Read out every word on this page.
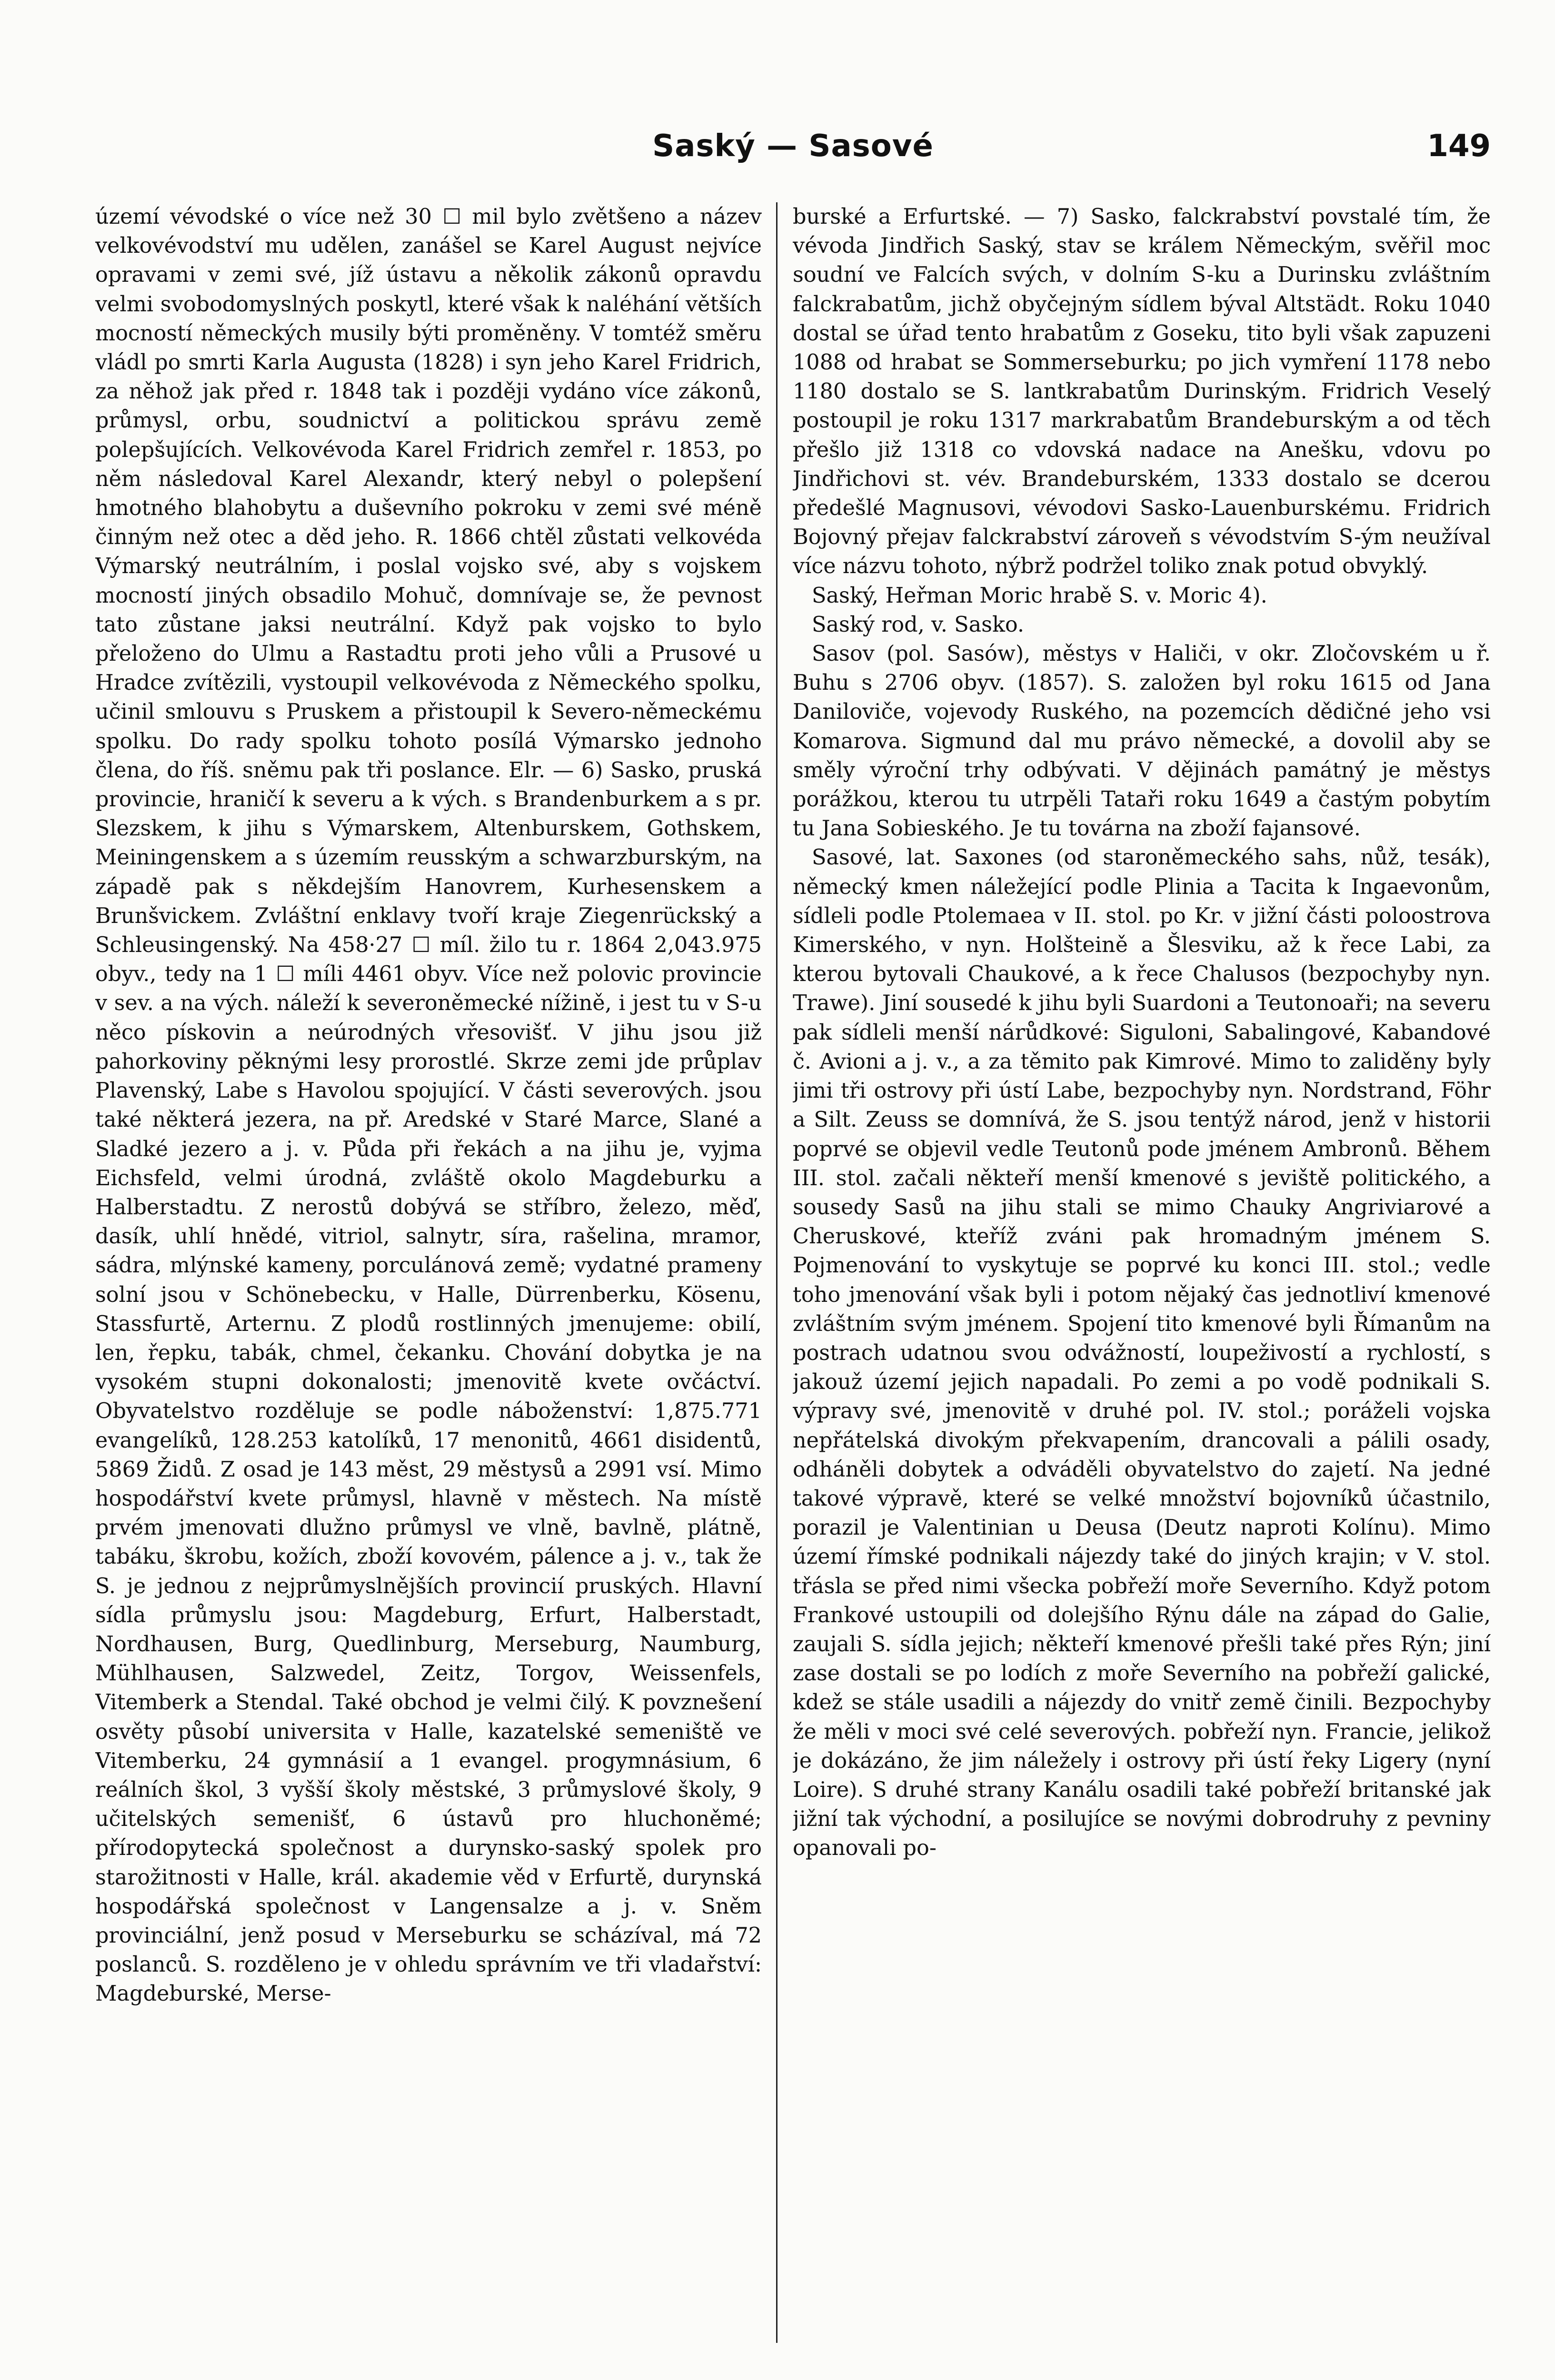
Saský — Sasové	149

území vévodské o více než 30 ☐ mil bylo zvětšeno a název velkovévodství mu udělen, zanášel se Karel August nejvíce opravami v zemi své, jíž ústavu a několik zákonů opravdu velmi svobodomyslných poskytl, které však k naléhání větších mocností německých musily býti proměněny. V tomtéž směru vládl po smrti Karla Augusta (1828) i syn jeho Karel Fridrich, za něhož jak před r. 1848 tak i později vydáno více zákonů, průmysl, orbu, soudnictví a politickou správu země polepšujících. Velkovévoda Karel Fridrich zemřel r. 1853, po něm následoval Karel Alexandr, který nebyl o polepšení hmotného blahobytu a duševního pokroku v zemi své méně činným než otec a děd jeho. R. 1866 chtěl zůstati velkovéda Výmarský neutrálním, i poslal vojsko své, aby s vojskem mocností jiných obsadilo Mohuč, domnívaje se, že pevnost tato zůstane jaksi neutrální. Když pak vojsko to bylo přeloženo do Ulmu a Rastadtu proti jeho vůli a Prusové u Hradce zvítězili, vystoupil velkovévoda z Německého spolku, učinil smlouvu s Pruskem a přistoupil k Severo-německému spolku. Do rady spolku tohoto posílá Výmarsko jednoho člena, do říš. sněmu pak tři poslance. Elr. — 6) Sasko, pruská provincie, hraničí k severu a k vých. s Brandenburkem a s pr. Slezskem, k jihu s Výmarskem, Altenburskem, Gothskem, Meiningenskem a s územím reusským a schwarzburským, na západě pak s někdejším Hanovrem, Kurhesenskem a Brunšvickem. Zvláštní enklavy tvoří kraje Ziegenrückský a Schleusingenský. Na 458·27 ☐ míl. žilo tu r. 1864 2,043.975 obyv., tedy na 1 ☐ míli 4461 obyv. Více než polovic provincie v sev. a na vých. náleží k severoněmecké nížině, i jest tu v S-u něco pískovin a neúrodných vřesovišť. V jihu jsou již pahorkoviny pěknými lesy prorostlé. Skrze zemi jde průplav Plavenský, Labe s Havolou spojující. V části severových. jsou také některá jezera, na př. Aredské v Staré Marce, Slané a Sladké jezero a j. v. Půda při řekách a na jihu je, vyjma Eichsfeld, velmi úrodná, zvláště okolo Magdeburku a Halberstadtu. Z nerostů dobývá se stříbro, železo, měď, dasík, uhlí hnědé, vitriol, salnytr, síra, rašelina, mramor, sádra, mlýnské kameny, porculánová země; vydatné prameny solní jsou v Schönebecku, v Halle, Dürrenberku, Kösenu, Stassfurtě, Arternu. Z plodů rostlinných jmenujeme: obilí, len, řepku, tabák, chmel, čekanku. Chování dobytka je na vysokém stupni dokonalosti; jmenovitě kvete ovčáctví. Obyvatelstvo rozděluje se podle náboženství: 1,875.771 evangelíků, 128.253 katolíků, 17 menonitů, 4661 disidentů, 5869 Židů. Z osad je 143 měst, 29 městysů a 2991 vsí. Mimo hospodářství kvete průmysl, hlavně v městech. Na místě prvém jmenovati dlužno průmysl ve vlně, bavlně, plátně, tabáku, škrobu, kožích, zboží kovovém, pálence a j. v., tak že S. je jednou z nejprůmyslnějších provincií pruských. Hlavní sídla průmyslu jsou: Magdeburg, Erfurt, Halberstadt, Nordhausen, Burg, Quedlinburg, Merseburg, Naumburg, Mühlhausen, Salzwedel, Zeitz, Torgov, Weissenfels, Vitemberk a Stendal. Také obchod je velmi čilý. K povznešení osvěty působí universita v Halle, kazatelské semeniště ve Vitemberku, 24 gymnásií a 1 evangel. progymnásium, 6 reálních škol, 3 vyšší školy městské, 3 průmyslové školy, 9 učitelských semenišť, 6 ústavů pro hluchoněmé; přírodopytecká společnost a durynsko-saský spolek pro starožitnosti v Halle, král. akademie věd v Erfurtě, durynská hospodářská společnost v Langensalze a j. v. Sněm provinciální, jenž posud v Merseburku se scházíval, má 72 poslanců. S. rozděleno je v ohledu správním ve tři vladařství: Magdeburské, Merse-

burské a Erfurtské. — 7) Sasko, falckrabství povstalé tím, že vévoda Jindřich Saský, stav se králem Německým, svěřil moc soudní ve Falcích svých, v dolním S-ku a Durinsku zvláštním falckrabatům, jichž obyčejným sídlem býval Altstädt. Roku 1040 dostal se úřad tento hrabatům z Goseku, tito byli však zapuzeni 1088 od hrabat se Sommerseburku; po jich vymření 1178 nebo 1180 dostalo se S. lantkrabatům Durinským. Fridrich Veselý postoupil je roku 1317 markrabatům Brandeburským a od těch přešlo již 1318 co vdovská nadace na Anešku, vdovu po Jindřichovi st. vév. Brandeburském, 1333 dostalo se dcerou předešlé Magnusovi, vévodovi Sasko-Lauenburskému. Fridrich Bojovný přejav falckrabství zároveň s vévodstvím S-ým neužíval více názvu tohoto, nýbrž podržel toliko znak potud obvyklý.

Saský, Heřman Moric hrabě S. v. Moric 4).

Saský rod, v. Sasko.

Sasov (pol. Sasów), městys v Haliči, v okr. Zločovském u ř. Buhu s 2706 obyv. (1857). S. založen byl roku 1615 od Jana Daniloviče, vojevody Ruského, na pozemcích dědičné jeho vsi Komarova. Sigmund dal mu právo německé, a dovolil aby se směly výroční trhy odbývati. V dějinách památný je městys porážkou, kterou tu utrpěli Tataři roku 1649 a častým pobytím tu Jana Sobieského. Je tu továrna na zboží fajansové.

Sasové, lat. Saxones (od staroněmeckého sahs, nůž, tesák), německý kmen náležející podle Plinia a Tacita k Ingaevonům, sídleli podle Ptolemaea v II. stol. po Kr. v jižní části poloostrova Kimerského, v nyn. Holšteině a Šlesviku, až k řece Labi, za kterou bytovali Chaukové, a k řece Chalusos (bezpochyby nyn. Trawe). Jiní sousedé k jihu byli Suardoni a Teutonoaři; na severu pak sídleli menší nárůdkové: Siguloni, Sabalingové, Kabandové č. Avioni a j. v., a za těmito pak Kimrové. Mimo to zaliděny byly jimi tři ostrovy při ústí Labe, bezpochyby nyn. Nordstrand, Föhr a Silt. Zeuss se domnívá, že S. jsou tentýž národ, jenž v historii poprvé se objevil vedle Teutonů pode jménem Ambronů. Během III. stol. začali někteří menší kmenové s jeviště politického, a sousedy Sasů na jihu stali se mimo Chauky Angriviarové a Cheruskové, kteříž zváni pak hromadným jménem S. Pojmenování to vyskytuje se poprvé ku konci III. stol.; vedle toho jmenování však byli i potom nějaký čas jednotliví kmenové zvláštním svým jménem. Spojení tito kmenové byli Římanům na postrach udatnou svou odvážností, loupeživostí a rychlostí, s jakouž území jejich napadali. Po zemi a po vodě podnikali S. výpravy své, jmenovitě v druhé pol. IV. stol.; poráželi vojska nepřátelská divokým překvapením, drancovali a pálili osady, odháněli dobytek a odváděli obyvatelstvo do zajetí. Na jedné takové výpravě, které se velké množství bojovníků účastnilo, porazil je Valentinian u Deusa (Deutz naproti Kolínu). Mimo území římské podnikali nájezdy také do jiných krajin; v V. stol. třásla se před nimi všecka pobřeží moře Severního. Když potom Frankové ustoupili od dolejšího Rýnu dále na západ do Galie, zaujali S. sídla jejich; někteří kmenové přešli také přes Rýn; jiní zase dostali se po lodích z moře Severního na pobřeží galické, kdež se stále usadili a nájezdy do vnitř země činili. Bezpochyby že měli v moci své celé severových. pobřeží nyn. Francie, jelikož je dokázáno, že jim náležely i ostrovy při ústí řeky Ligery (nyní Loire). S druhé strany Kanálu osadili také pobřeží britanské jak jižní tak východní, a posilujíce se novými dobrodruhy z pevniny opanovali po-
